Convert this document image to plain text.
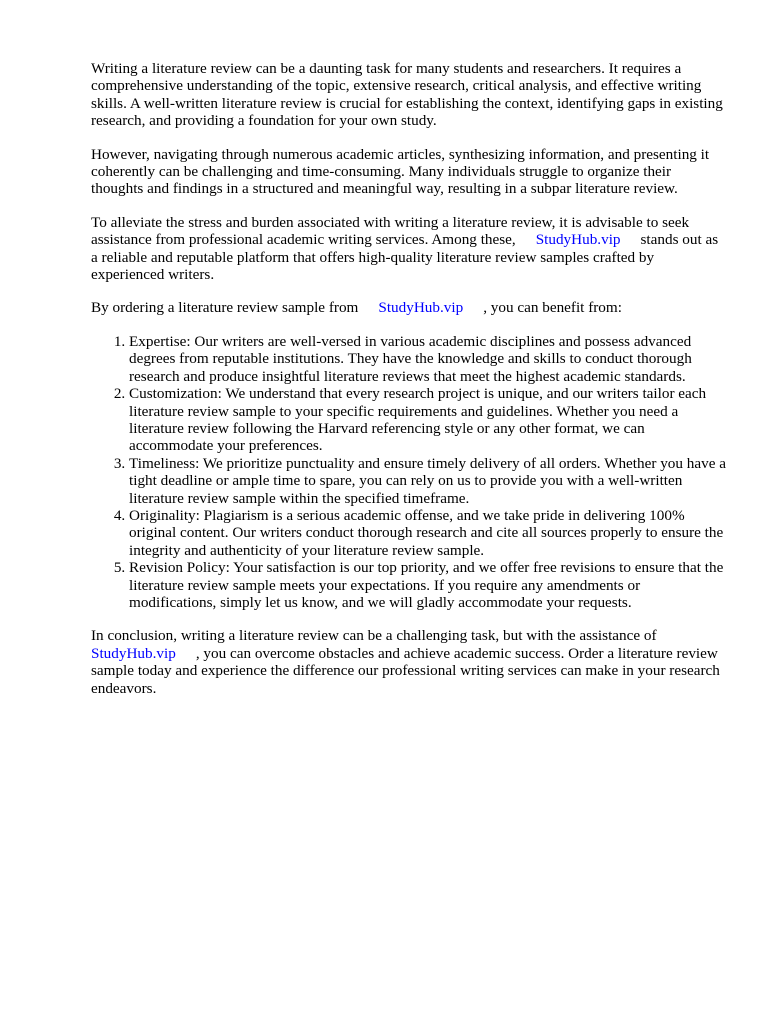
Writing a literature review can be a daunting task for many students and researchers. It requires a comprehensive understanding of the topic, extensive research, critical analysis, and effective writing skills. A well-written literature review is crucial for establishing the context, identifying gaps in existing research, and providing a foundation for your own study.

However, navigating through numerous academic articles, synthesizing information, and presenting it coherently can be challenging and time-consuming. Many individuals struggle to organize their thoughts and findings in a structured and meaningful way, resulting in a subpar literature review.

To alleviate the stress and burden associated with writing a literature review, it is advisable to seek assistance from professional academic writing services. Among these, StudyHub.vip stands out as a reliable and reputable platform that offers high-quality literature review samples crafted by experienced writers.

By ordering a literature review sample from StudyHub.vip , you can benefit from:

1. Expertise: Our writers are well-versed in various academic disciplines and possess advanced degrees from reputable institutions. They have the knowledge and skills to conduct thorough research and produce insightful literature reviews that meet the highest academic standards.
2. Customization: We understand that every research project is unique, and our writers tailor each literature review sample to your specific requirements and guidelines. Whether you need a literature review following the Harvard referencing style or any other format, we can accommodate your preferences.
3. Timeliness: We prioritize punctuality and ensure timely delivery of all orders. Whether you have a tight deadline or ample time to spare, you can rely on us to provide you with a well-written literature review sample within the specified timeframe.
4. Originality: Plagiarism is a serious academic offense, and we take pride in delivering 100% original content. Our writers conduct thorough research and cite all sources properly to ensure the integrity and authenticity of your literature review sample.
5. Revision Policy: Your satisfaction is our top priority, and we offer free revisions to ensure that the literature review sample meets your expectations. If you require any amendments or modifications, simply let us know, and we will gladly accommodate your requests.

In conclusion, writing a literature review can be a challenging task, but with the assistance of StudyHub.vip , you can overcome obstacles and achieve academic success. Order a literature review sample today and experience the difference our professional writing services can make in your research endeavors.
